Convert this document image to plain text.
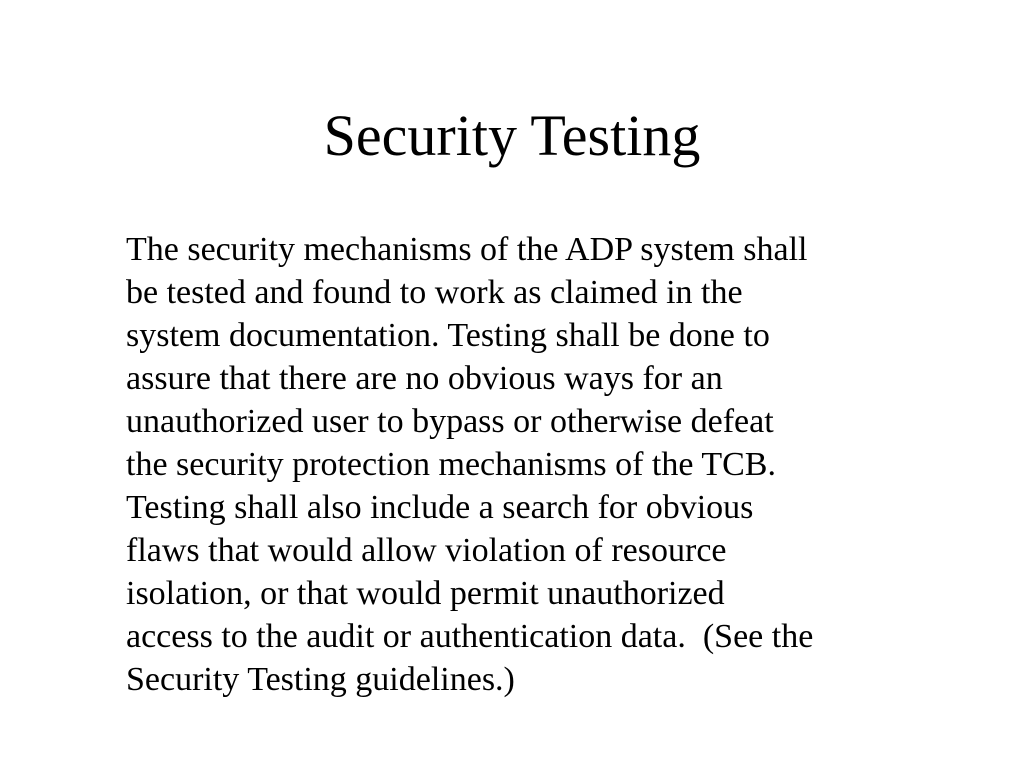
Security Testing

The security mechanisms of the ADP system shall
be tested and found to work as claimed in the
system documentation. Testing shall be done to
assure that there are no obvious ways for an
unauthorized user to bypass or otherwise defeat
the security protection mechanisms of the TCB.
Testing shall also include a search for obvious
flaws that would allow violation of resource
isolation, or that would permit unauthorized
access to the audit or authentication data.  (See the
Security Testing guidelines.)
